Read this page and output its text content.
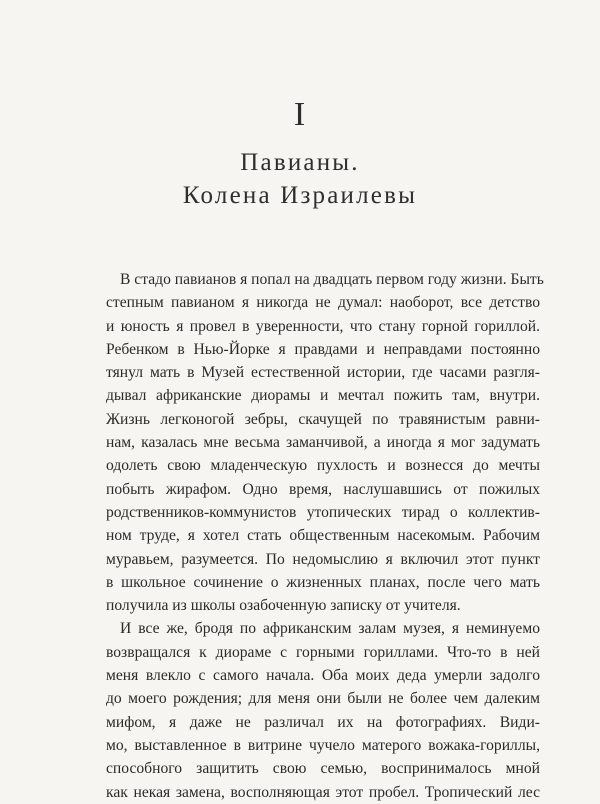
I
Павианы.
Колена Израилевы
В стадо павианов я попал на двадцать первом году жизни. Быть
степным павианом я никогда не думал: наоборот, все детство
и юность я провел в уверенности, что стану горной гориллой.
Ребенком в Нью-Йорке я правдами и неправдами постоянно
тянул мать в Музей естественной истории, где часами разгля-
дывал африканские диорамы и мечтал пожить там, внутри.
Жизнь легконогой зебры, скачущей по травянистым равни-
нам, казалась мне весьма заманчивой, а иногда я мог задумать
одолеть свою младенческую пухлость и вознесся до мечты
побыть жирафом. Одно время, наслушавшись от пожилых
родственников-коммунистов утопических тирад о коллектив-
ном труде, я хотел стать общественным насекомым. Рабочим
муравьем, разумеется. По недомыслию я включил этот пункт
в школьное сочинение о жизненных планах, после чего мать
получила из школы озабоченную записку от учителя.
И все же, бродя по африканским залам музея, я неминуемо
возвращался к диораме с горными гориллами. Что-то в ней
меня влекло с самого начала. Оба моих деда умерли задолго
до моего рождения; для меня они были не более чем далеким
мифом, я даже не различал их на фотографиях. Види-
мо, выставленное в витрине чучело матерого вожака-гориллы,
способного защитить свою семью, воспринималось мной
как некая замена, восполняющая этот пробел. Тропический лес
